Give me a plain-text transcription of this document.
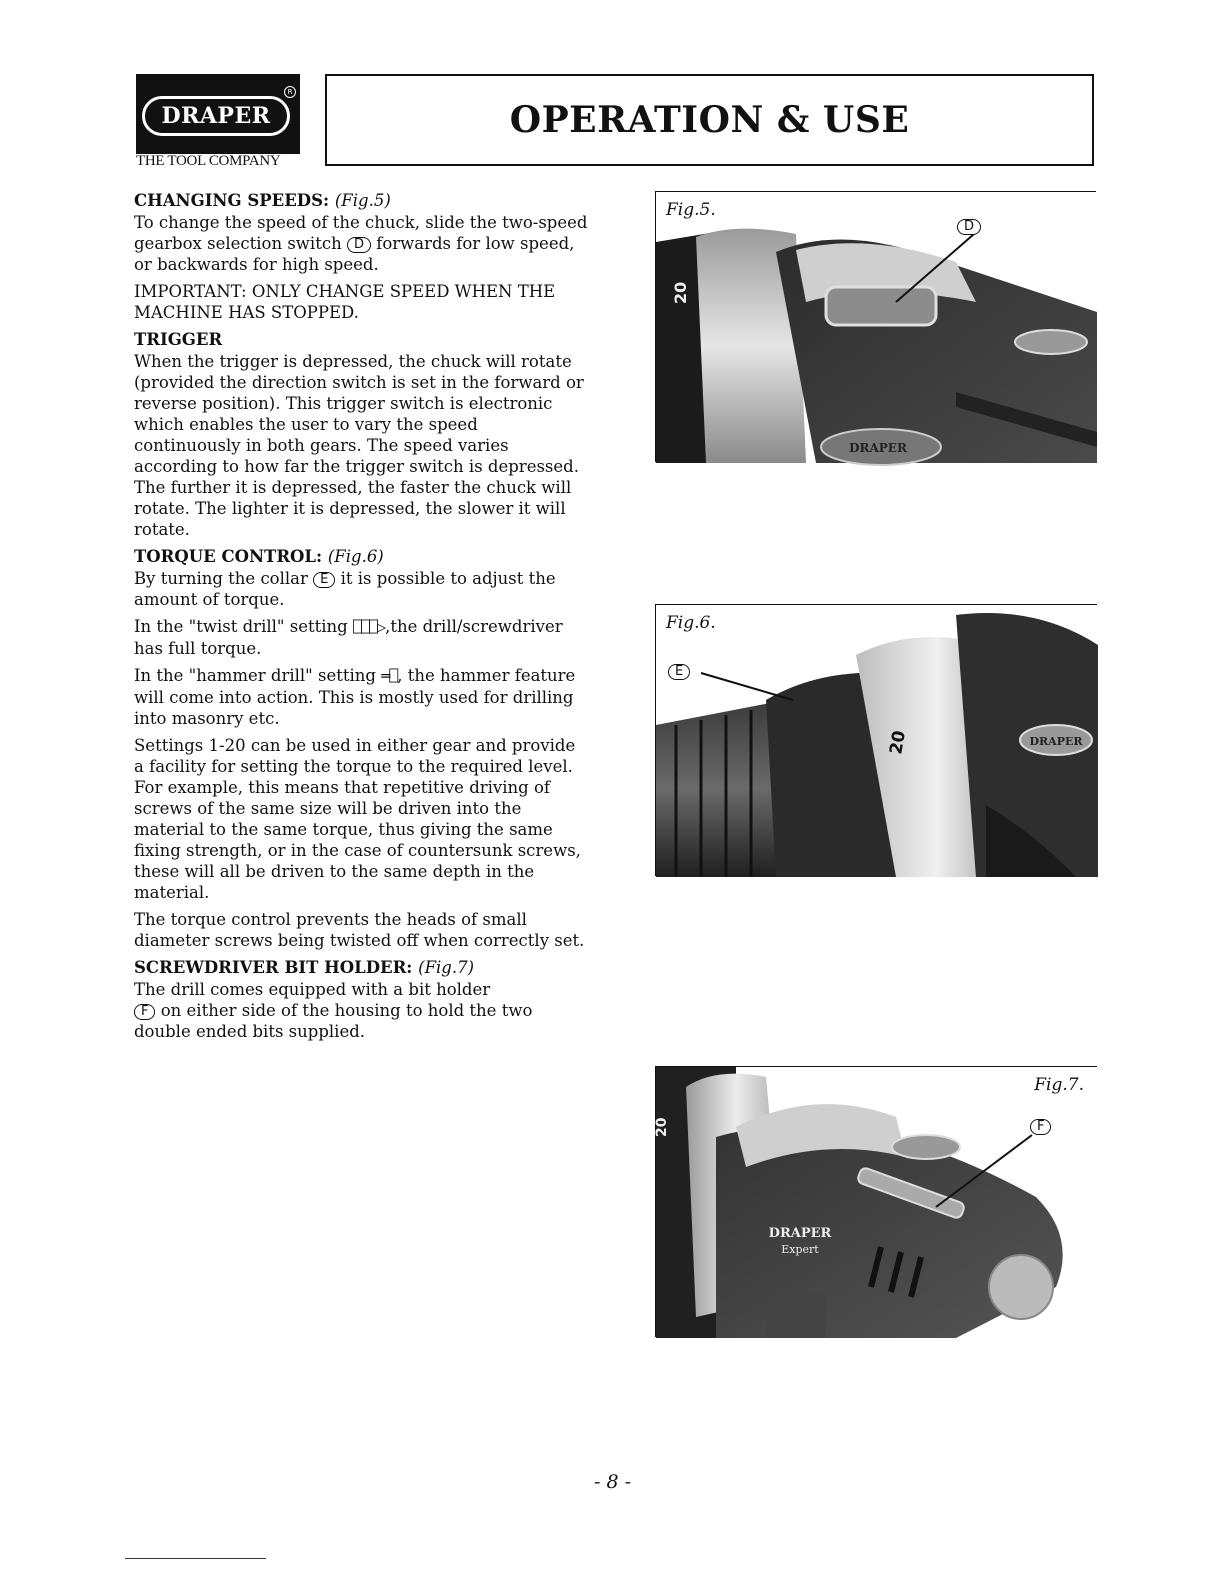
DRAPER
R
THE TOOL COMPANY
OPERATION & USE
CHANGING SPEEDS: (Fig.5)

To change the speed of the chuck, slide the two-speed gearbox selection switch D forwards for low speed, or backwards for high speed.

IMPORTANT: ONLY CHANGE SPEED WHEN THE MACHINE HAS STOPPED.

TRIGGER

When the trigger is depressed, the chuck will rotate (provided the direction switch is set in the forward or reverse position). This trigger switch is electronic which enables the user to vary the speed continuously in both gears. The speed varies according to how far the trigger switch is depressed. The further it is depressed, the faster the chuck will rotate. The lighter it is depressed, the slower it will rotate.

TORQUE CONTROL: (Fig.6)

By turning the collar E it is possible to adjust the amount of torque.

In the "twist drill" setting ⎕⎕⎕▷,the drill/screwdriver has full torque.

In the "hammer drill" setting ═⎕, the hammer feature will come into action. This is mostly used for drilling into masonry etc.

Settings 1-20 can be used in either gear and provide a facility for setting the torque to the required level. For example, this means that repetitive driving of screws of the same size will be driven into the material to the same torque, thus giving the same fixing strength, or in the case of countersunk screws, these will all be driven to the same depth in the material.

The torque control prevents the heads of small diameter screws being twisted off when correctly set.

SCREWDRIVER BIT HOLDER: (Fig.7)

The drill comes equipped with a bit holder
F on either side of the housing to hold the two double ended bits supplied.

20
DRAPER
Fig.5.
D
20	DRAPER
Fig.6.
E
20
DRAPER
Expert
Fig.7.
F
- 8 -
